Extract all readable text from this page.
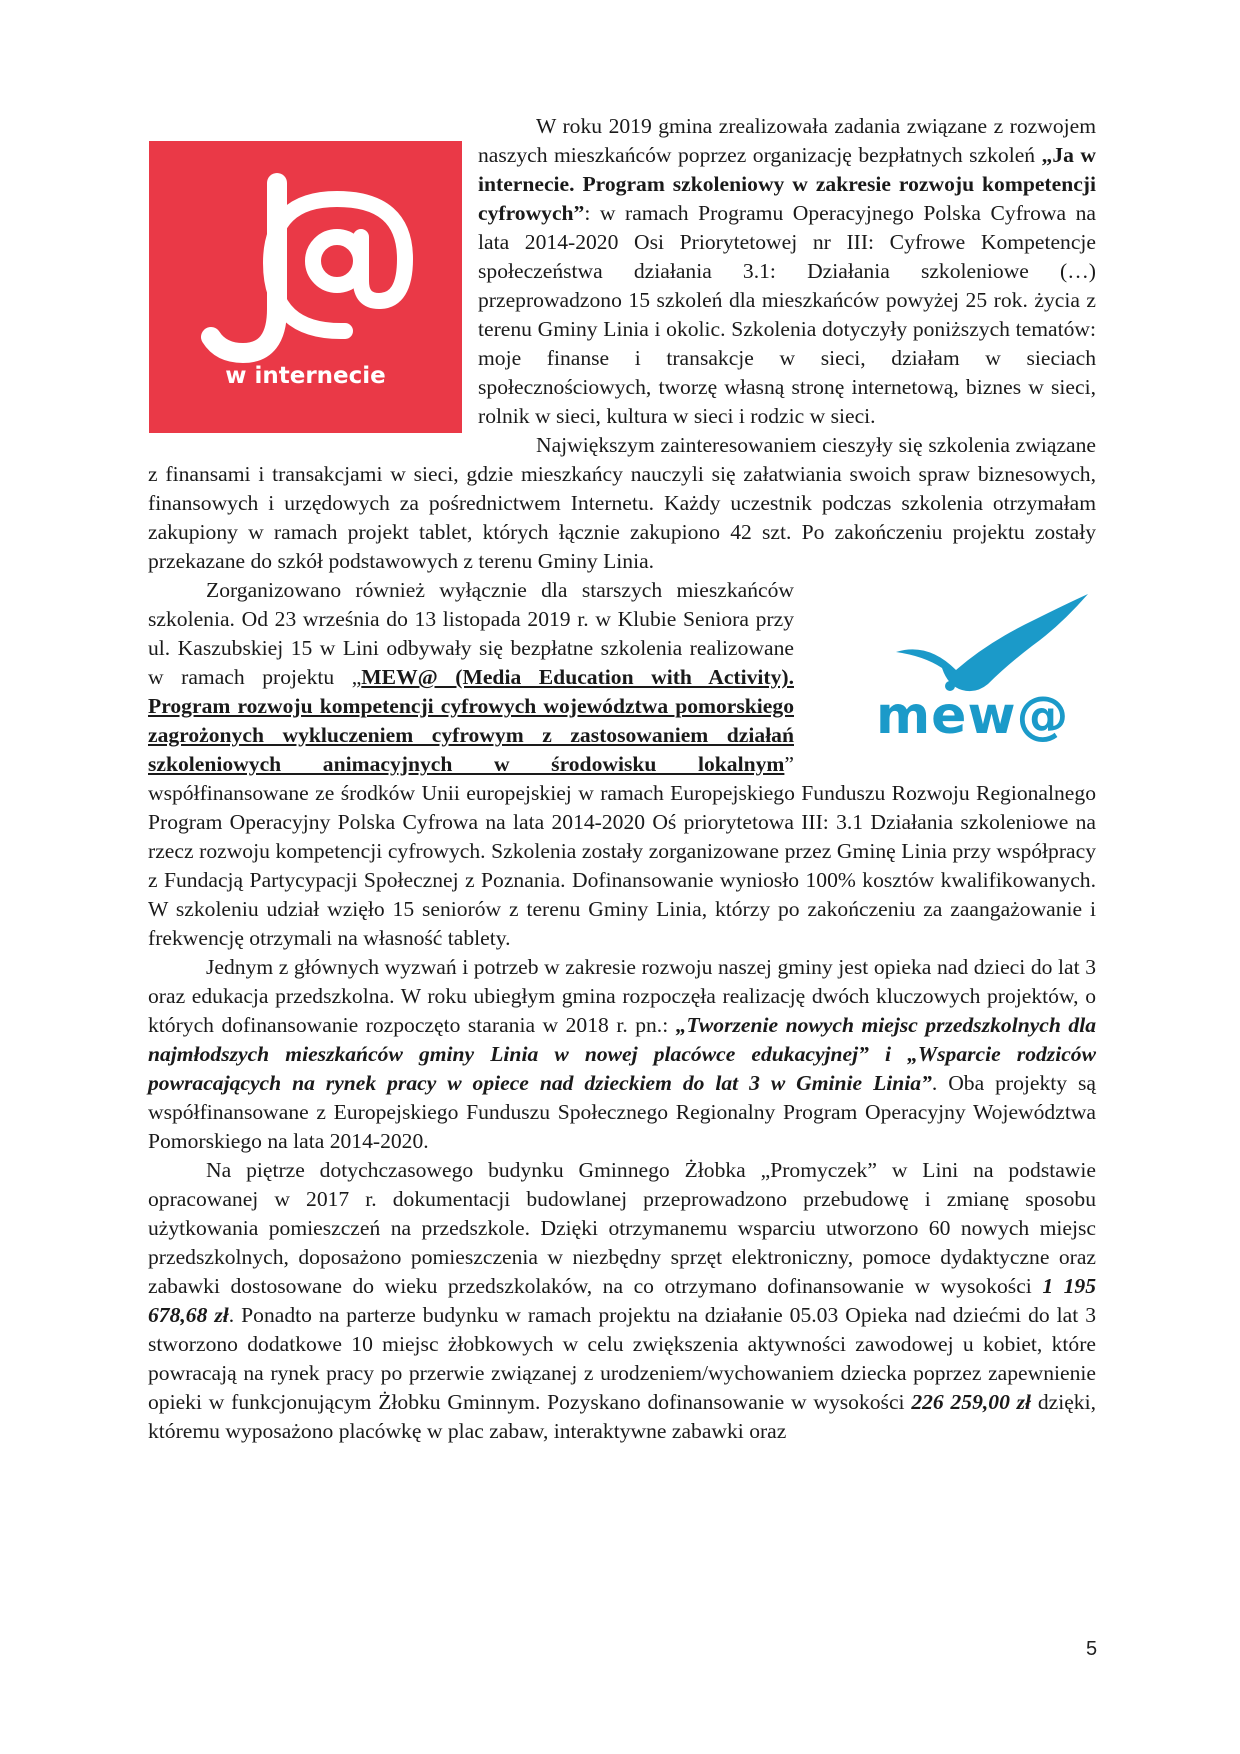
w internecie

W roku 2019 gmina zrealizowała zadania związane z rozwojem naszych mieszkańców poprzez organizację bezpłatnych szkoleń „Ja w internecie. Program szkoleniowy w zakresie rozwoju kompetencji cyfrowych”: w ramach Programu Operacyjnego Polska Cyfrowa na lata 2014-2020 Osi Priorytetowej nr III: Cyfrowe Kompetencje społeczeństwa działania 3.1: Działania szkoleniowe (…) przeprowadzono 15 szkoleń dla mieszkańców powyżej 25 rok. życia z terenu Gminy Linia i okolic. Szkolenia dotyczyły poniższych tematów: moje finanse i transakcje w sieci, działam w sieciach społecznościowych, tworzę własną stronę internetową, biznes w sieci, rolnik w sieci, kultura w sieci i rodzic w sieci.

Największym zainteresowaniem cieszyły się szkolenia związane z finansami i transakcjami w sieci, gdzie mieszkańcy nauczyli się załatwiania swoich spraw biznesowych, finansowych i urzędowych za pośrednictwem Internetu. Każdy uczestnik podczas szkolenia otrzymałam zakupiony w ramach projekt tablet, których łącznie zakupiono 42 szt. Po zakończeniu projektu zostały przekazane do szkół podstawowych z terenu Gminy Linia.

mew@

Zorganizowano również wyłącznie dla starszych mieszkańców szkolenia. Od 23 września do 13 listopada 2019 r. w Klubie Seniora przy ul. Kaszubskiej 15 w Lini odbywały się bezpłatne szkolenia realizowane w ramach projektu „MEW@ (Media Education with Activity). Program rozwoju kompetencji cyfrowych województwa pomorskiego zagrożonych wykluczeniem cyfrowym z zastosowaniem działań szkoleniowych animacyjnych w środowisku lokalnym” współfinansowane ze środków Unii europejskiej w ramach Europejskiego Funduszu Rozwoju Regionalnego Program Operacyjny Polska Cyfrowa na lata 2014-2020 Oś priorytetowa III: 3.1 Działania szkoleniowe na rzecz rozwoju kompetencji cyfrowych. Szkolenia zostały zorganizowane przez Gminę Linia przy współpracy z Fundacją Partycypacji Społecznej z Poznania. Dofinansowanie wyniosło 100% kosztów kwalifikowanych. W szkoleniu udział wzięło 15 seniorów z terenu Gminy Linia, którzy po zakończeniu za zaangażowanie i frekwencję otrzymali na własność tablety.

Jednym z głównych wyzwań i potrzeb w zakresie rozwoju naszej gminy jest opieka nad dzieci do lat 3 oraz edukacja przedszkolna. W roku ubiegłym gmina rozpoczęła realizację dwóch kluczowych projektów, o których dofinansowanie rozpoczęto starania w 2018 r. pn.: „Tworzenie nowych miejsc przedszkolnych dla najmłodszych mieszkańców gminy Linia w nowej placówce edukacyjnej” i „Wsparcie rodziców powracających na rynek pracy w opiece nad dzieckiem do lat 3 w Gminie Linia”. Oba projekty są współfinansowane z Europejskiego Funduszu Społecznego Regionalny Program Operacyjny Województwa Pomorskiego na lata 2014-2020.

Na piętrze dotychczasowego budynku Gminnego Żłobka „Promyczek” w Lini na podstawie opracowanej w 2017 r. dokumentacji budowlanej przeprowadzono przebudowę i zmianę sposobu użytkowania pomieszczeń na przedszkole. Dzięki otrzymanemu wsparciu utworzono 60 nowych miejsc przedszkolnych, doposażono pomieszczenia w niezbędny sprzęt elektroniczny, pomoce dydaktyczne oraz zabawki dostosowane do wieku przedszkolaków, na co otrzymano dofinansowanie w wysokości 1 195 678,68 zł. Ponadto na parterze budynku w ramach projektu na działanie 05.03 Opieka nad dziećmi do lat 3 stworzono dodatkowe 10 miejsc żłobkowych w celu zwiększenia aktywności zawodowej u kobiet, które powracają na rynek pracy po przerwie związanej z urodzeniem/wychowaniem dziecka poprzez zapewnienie opieki w funkcjonującym Żłobku Gminnym. Pozyskano dofinansowanie w wysokości 226 259,00 zł dzięki, któremu wyposażono placówkę w plac zabaw, interaktywne zabawki oraz

5
